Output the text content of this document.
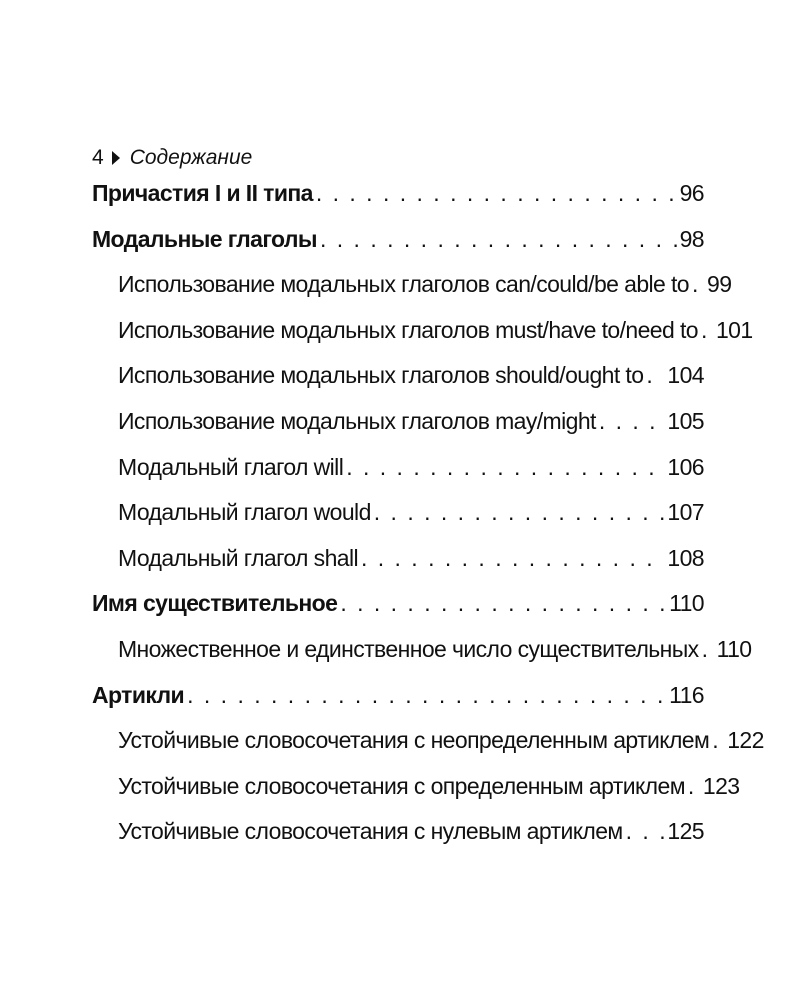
4 Содержание
Причастия I и II типа . . .	96
Модальные глаголы . . .	98
Использование модальных глаголов can/could/be able to . . . 99
Использование модальных глаголов must/have to/need to . . . 101
Использование модальных глаголов should/ought to . . . 104
Использование модальных глаголов may/might . . .	105
Модальный глагол will . . .	106
Модальный глагол would . . .	107
Модальный глагол shall . . .	108
Имя существительное . . .	110
Множественное и единственное число существительных . . . 110
Артикли . . .	116
Устойчивые словосочетания с неопределенным артиклем . . . 122
Устойчивые словосочетания с определенным артиклем . . . 123
Устойчивые словосочетания с нулевым артиклем . . . 125
